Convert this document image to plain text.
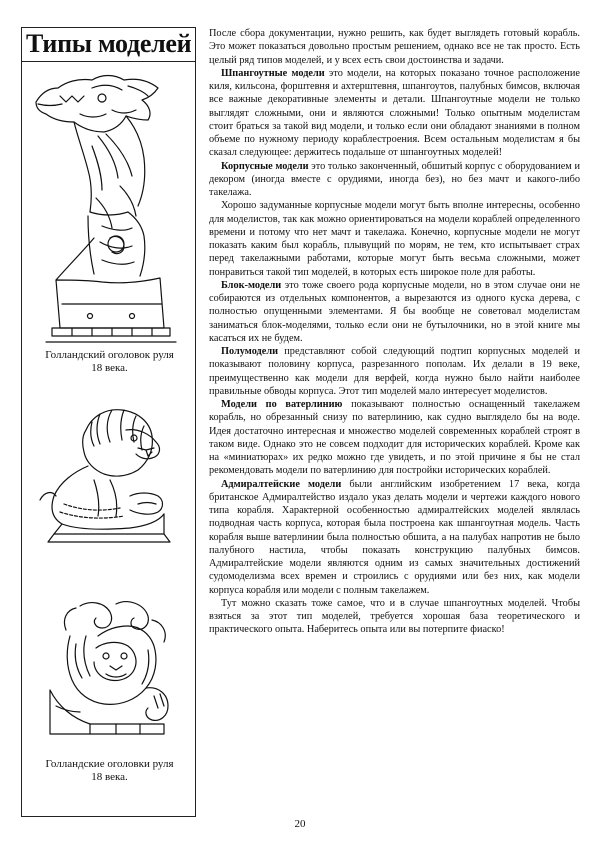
Типы моделей
Голландский оголовок руля
18 века.
Голландские оголовки руля
18 века.

После сбора документации, нужно решить, как будет выглядеть готовый корабль. Это может показаться довольно простым решением, однако все не так просто. Есть целый ряд типов моделей, и у всех есть свои достоинства и задачи.

Шпангоутные модели это модели, на которых показано точное расположение киля, кильсона, форштевня и ахтерштевня, шпангоутов, палубных бимсов, включая все важные декоративные элементы и детали. Шпангоутные модели не только выглядят сложными, они и являются сложными! Только опытным моделистам стоит браться за такой вид модели, и только если они обладают знаниями в полном объеме по нужному периоду кораблестроения. Всем остальным моделистам я бы сказал следующее: держитесь подальше от шпангоутных моделей!

Корпусные модели это только законченный, обшитый корпус с оборудованием и декором (иногда вместе с орудиями, иногда без), но без мачт и какого-либо такелажа.

Хорошо задуманные корпусные модели могут быть вполне интересны, особенно для моделистов, так как можно ориентироваться на модели кораблей определенного времени и потому что нет мачт и такелажа. Конечно, корпусные модели не могут показать каким был корабль, плывущий по морям, не тем, кто испытывает страх перед такелажными работами, которые могут быть весьма сложными, может понравиться такой тип моделей, в которых есть широкое поле для работы.

Блок-модели это тоже своего рода корпусные модели, но в этом случае они не собираются из отдельных компонентов, а вырезаются из одного куска дерева, с полностью опущенными элементами. Я бы вообще не советовал моделистам заниматься блок-моделями, только если они не бутылочники, но в этой книге мы касаться их не будем.

Полумодели представляют собой следующий подтип корпусных моделей и показывают половину корпуса, разрезанного пополам. Их делали в 19 веке, преимущественно как модели для верфей, когда нужно было найти наиболее правильные обводы корпуса. Этот тип моделей мало интересует моделистов.

Модели по ватерлинию показывают полностью оснащенный такелажем корабль, но обрезанный снизу по ватерлинию, как судно выглядело бы на воде. Идея достаточно интересная и множество моделей современных кораблей строят в таком виде. Однако это не совсем подходит для исторических кораблей. Кроме как на «миниатюрах» их редко можно где увидеть, и по этой причине я бы не стал рекомендовать модели по ватерлинию для постройки исторических кораблей.

Адмиралтейские модели были английским изобретением 17 века, когда британское Адмиралтейство издало указ делать модели и чертежи каждого нового типа корабля. Характерной особенностью адмиралтейских моделей являлась подводная часть корпуса, которая была построена как шпангоутная модель. Часть корабля выше ватерлинии была полностью обшита, а на палубах напротив не было палубного настила, чтобы показать конструкцию палубных бимсов. Адмиралтейские модели являются одним из самых значительных достижений судомоделизма всех времен и строились с орудиями или без них, как модели корпуса корабля или модели с полным такелажем.

Тут можно сказать тоже самое, что и в случае шпангоутных моделей. Чтобы взяться за этот тип моделей, требуется хорошая база теоретического и практического опыта. Наберитесь опыта или вы потерпите фиаско!

20
